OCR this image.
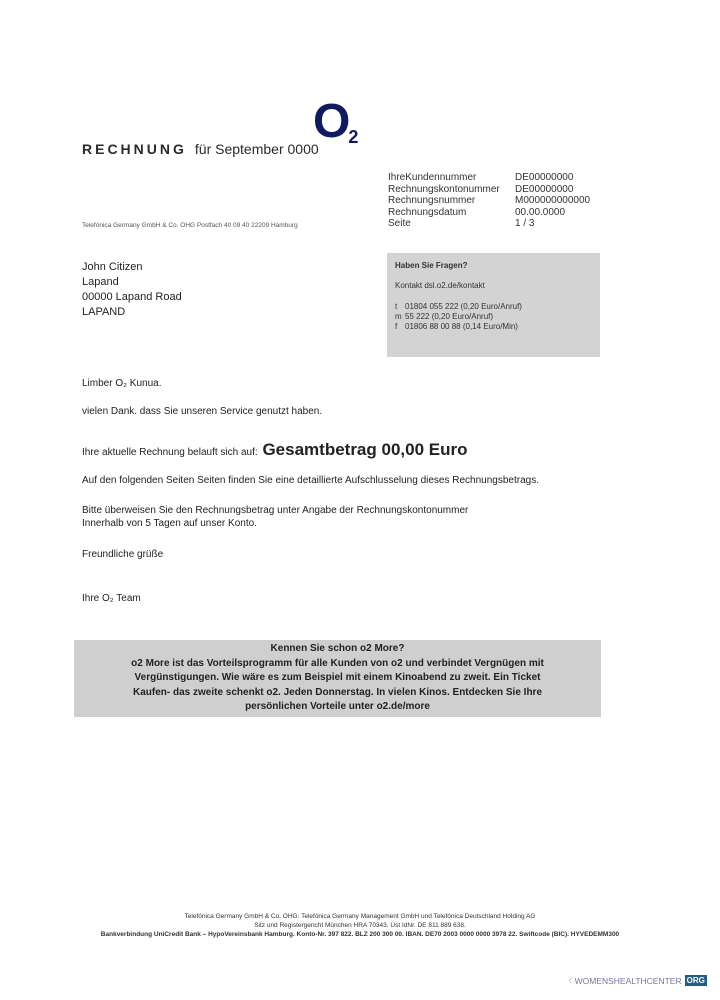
RECHNUNG für September 0000
O2
IhreKundennummer	DE00000000
Rechnungskontonummer	DE00000000
Rechnungsnummer	M000000000000
Rechnungsdatum	00.00.0000
Seite	1 / 3
Telefónica Germany GmbH & Co. OHG Postfach 40 09 40 22209 Hamburg
John Citizen
Lapand
00000 Lapand Road
LAPAND
Haben Sie Fragen?
Kontakt dsl.o2.de/kontakt
t 01804 055 222 (0,20 Euro/Anruf)
m 55 222 (0,20 Euro/Anruf)
f 01806 88 00 88 (0,14 Euro/Min)
Limber O₂ Kunua.
vielen Dank. dass Sie unseren Service genutzt haben.
Ihre aktuelle Rechnung belauft sich auf: Gesamtbetrag 00,00 Euro
Auf den folgenden Seiten Seiten finden Sie eine detaillierte Aufschlusselung dieses Rechnungsbetrags.
Bitte überweisen Sie den Rechnungsbetrag unter Angabe der Rechnungskontonummer
Innerhalb von 5 Tagen auf unser Konto.
Freundliche grüße
Ihre O₂ Team
Kennen Sie schon o2 More?
o2 More ist das Vorteilsprogramm für alle Kunden von o2 und verbindet Vergnügen mit
Vergünstigungen. Wie wäre es zum Beispiel mit einem Kinoabend zu zweit. Ein Ticket
Kaufen- das zweite schenkt o2. Jeden Donnerstag. In vielen Kinos. Entdecken Sie Ihre
persönlichen Vorteile unter o2.de/more
Telefónica Germany GmbH & Co. OHG: Telefónica Germany Management GmbH und Telefónica Deutschland Holding AG
Sitz und Registergericht München HRA 70343. Ust IdNr. DE 811 889 638.
Bankverbindung UniCredit Bank – HypoVereinsbank Hamburg. Konto-Nr. 397 822. BLZ 200 300 00. IBAN. DE70 2003 0000 0000 3978 22. Swiftcode (BIC). HYVEDEMM300
·:˙ WOMENSHEALTHCENTER ORG
